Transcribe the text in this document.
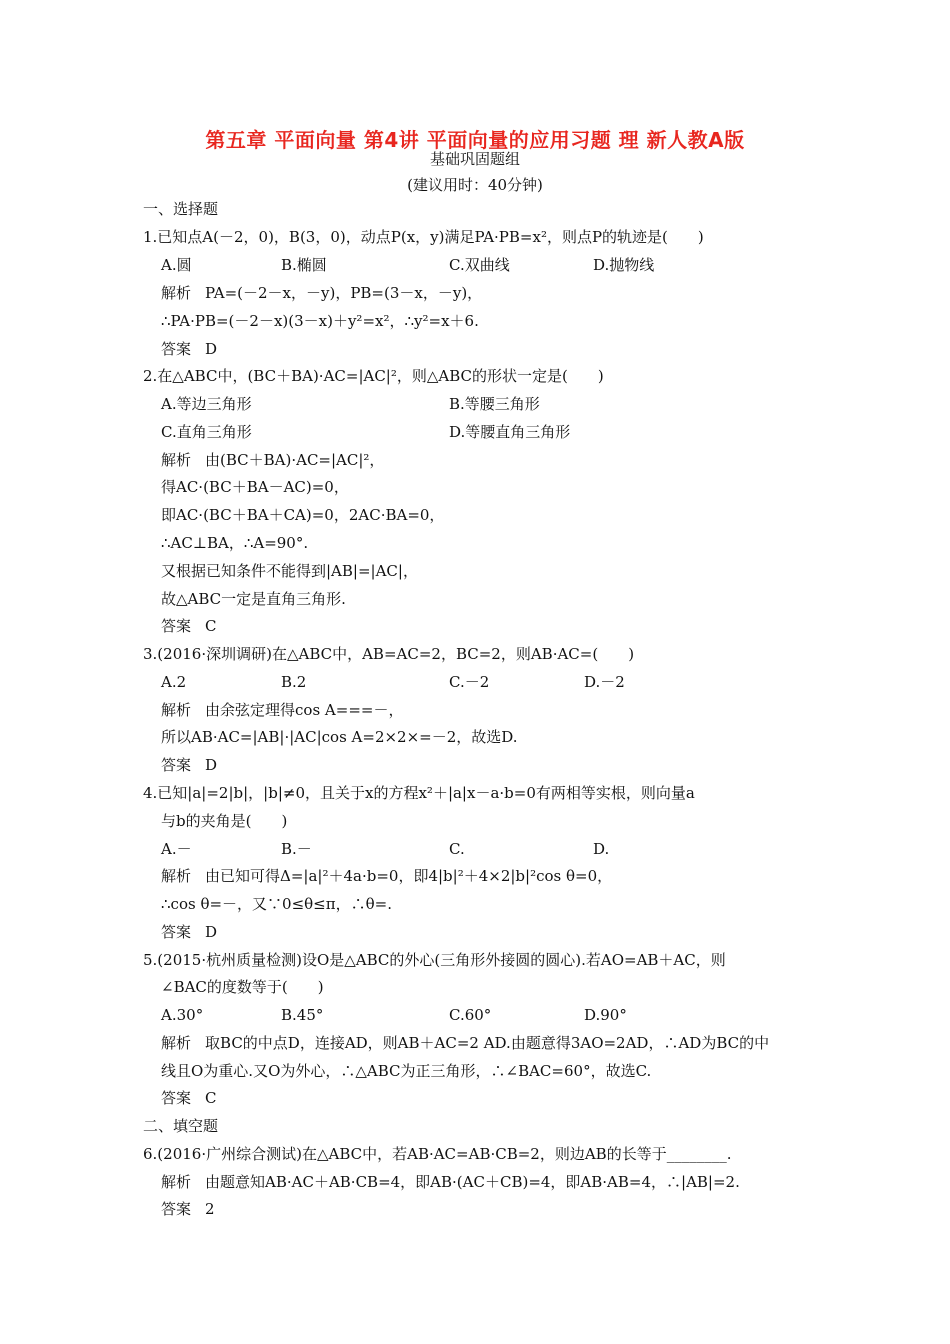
第五章 平面向量 第4讲 平面向量的应用习题 理 新人教A版
基础巩固题组
(建议用时：40分钟)
一、选择题
1.已知点A(－2，0)，B(3，0)，动点P(x，y)满足PA·PB=x²，则点P的轨迹是(　　)
A.圆	B.椭圆	C.双曲线	D.抛物线
解析 PA=(－2－x，－y)，PB=(3－x，－y)，
∴PA·PB=(－2－x)(3－x)＋y²=x²，∴y²=x＋6.
答案 D
2.在△ABC中，(BC＋BA)·AC=|AC|²，则△ABC的形状一定是(　　)
A.等边三角形	B.等腰三角形
C.直角三角形	D.等腰直角三角形
解析 由(BC＋BA)·AC=|AC|²，
得AC·(BC＋BA－AC)=0，
即AC·(BC＋BA＋CA)=0，2AC·BA=0，
∴AC⊥BA，∴A=90°.
又根据已知条件不能得到|AB|=|AC|，
故△ABC一定是直角三角形.
答案 C
3.(2016·深圳调研)在△ABC中，AB=AC=2，BC=2，则AB·AC=(　　)
A.2	B.2	C.－2	D.－2
解析 由余弦定理得cos A===－，
所以AB·AC=|AB|·|AC|cos A=2×2×=－2，故选D.
答案 D
4.已知|a|=2|b|，|b|≠0，且关于x的方程x²＋|a|x－a·b=0有两相等实根，则向量a
与b的夹角是(　　)
A.－	B.－	C.	D.
解析 由已知可得Δ=|a|²＋4a·b=0，即4|b|²＋4×2|b|²cos θ=0，
∴cos θ=－，又∵0≤θ≤π，∴θ=.
答案 D
5.(2015·杭州质量检测)设O是△ABC的外心(三角形外接圆的圆心).若AO=AB＋AC，则
∠BAC的度数等于(　　)
A.30°	B.45°	C.60°	D.90°
解析 取BC的中点D，连接AD，则AB＋AC=2 AD.由题意得3AO=2AD，∴AD为BC的中
线且O为重心.又O为外心，∴△ABC为正三角形，∴∠BAC=60°，故选C.
答案 C
二、填空题
6.(2016·广州综合测试)在△ABC中，若AB·AC=AB·CB=2，则边AB的长等于________.
解析 由题意知AB·AC＋AB·CB=4，即AB·(AC＋CB)=4，即AB·AB=4，∴|AB|=2.
答案 2
